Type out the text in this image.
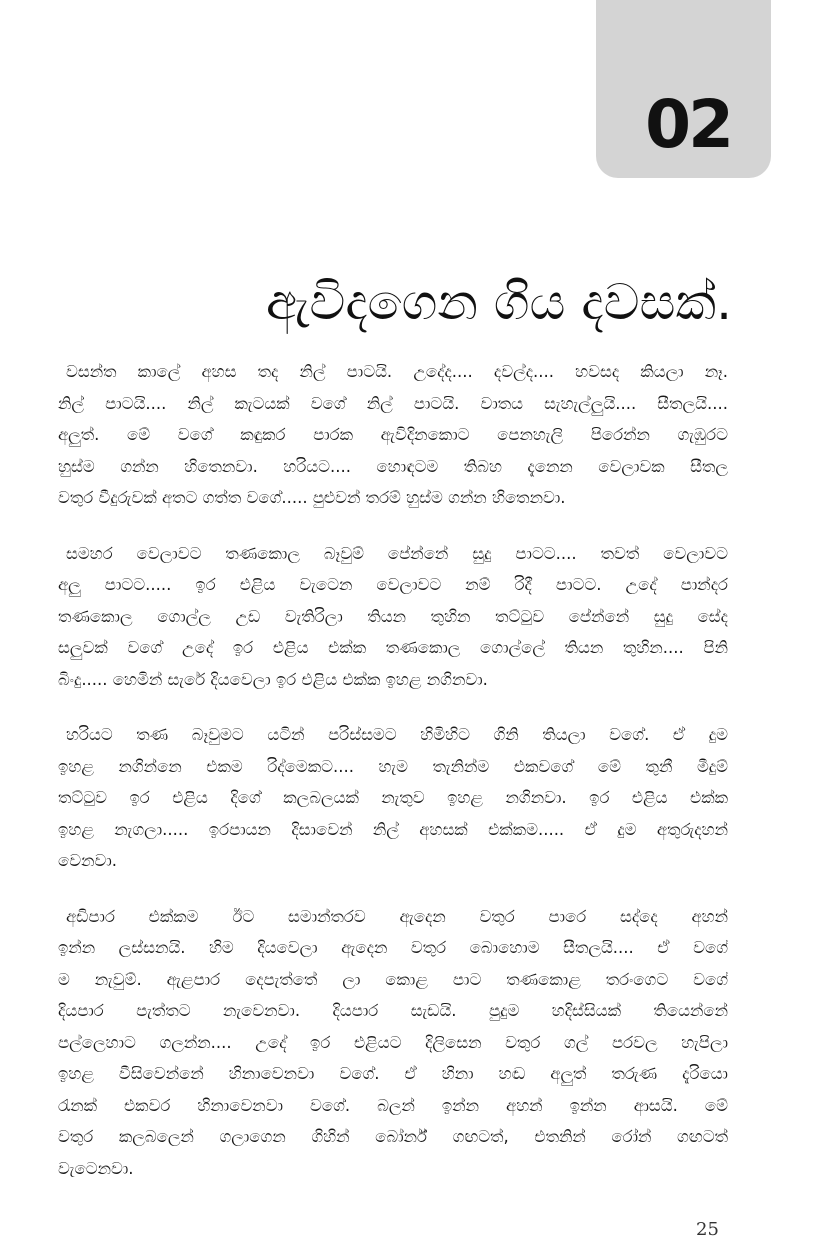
02
ඇවිදගෙන ගිය දවසක්.

වසන්ත කාලේ අහස තද නිල් පාටයි. උදේද.... දවල්ද.... හවසද කියලා නෑ.
නිල් පාටයි.... නිල් කැටයක් වගේ නිල් පාටයි. වාතය සැහැල්ලුයි.... සීතලයි....
අලුත්. මේ වගේ කඳුකර පාරක ඇවිදිනකොට පෙනහැලි පිරෙන්න ගැඹුරට
හුස්ම ගන්න හිතෙනවා. හරියට.... හොඳටම තිබහ දැනෙන වෙලාවක සීතල
වතුර වීදුරුවක් අතට ගත්ත වගේ..... පුළුවන් තරම් හුස්ම ගන්න හිතෙනවා.

සමහර වෙලාවට තණකොල බෑවුම් පේන්නේ සුදු පාටට.... තවත් වෙලාවට
අලු පාටට..... ඉර එළිය වැටෙන වෙලාවට නම් රිදී පාටට. උදේ පාන්දර
තණකොල ගොල්ල උඩ වැතිරිලා තියන තුහින තට්ටුව පේන්නේ සුදු සේද
සලුවක් වගේ උදේ ඉර එළිය එක්ක තණකොල ගොල්ලේ තියන තුහින.... පිනි
බිංදු..... හෙමින් සැරේ දියවෙලා ඉර එළිය එක්ක ඉහළ නගිනවා.

හරියට තණ බෑවුමට යටින් පරිස්සමට හිමිහිට ගිනි තියලා වගේ. ඒ දුම
ඉහළ නගින්නෙ එකම රිද්මෙකට.... හැම තැනින්ම එකවගේ මේ තුනී මීදුම්
තට්ටුව ඉර එළිය දිගේ කලබලයක් නැතුව ඉහළ නගිනවා. ඉර එළිය එක්ක
ඉහළ නැගලා..... ඉරපායන දිසාවෙන් නිල් අහසක් එක්කම..... ඒ දුම අතුරුදහන්
වෙනවා.

අඩිපාර එක්කම ඊට සමාන්තරව ඇදෙන වතුර පාරෙ සද්දෙ අහන්
ඉන්න ලස්සනයි. හිම දියවෙලා ඇදෙන වතුර බොහොම සීතලයි.... ඒ වගේ
ම නැවුම්. ඇළපාර දෙපැත්තේ ලා කොළ පාට තණකොළ තරංගෙට වගේ
දියපාර පැත්තට නැවෙනවා. දියපාර සැඩයි. පුදුම හදිස්සියක් තියෙන්නේ
පල්ලෙහාට ගලන්න.... උදේ ඉර එළියට දිලිසෙන වතුර ගල් පරවල හැපිලා
ඉහළ වීසිවෙන්නේ හිනාවෙනවා වගේ. ඒ හිනා හඬ අලුත් තරුණ දැරියො
රැනක් එකවර හිනාවෙනවා වගේ. බලන් ඉන්න අහන් ඉන්න ආසයි. මේ
වතුර කලබලෙන් ගලාගෙන ගිහින් බෝර්න් ගඟටත්, එතනින් රෝන් ගඟටත්
වැටෙනවා.

25
